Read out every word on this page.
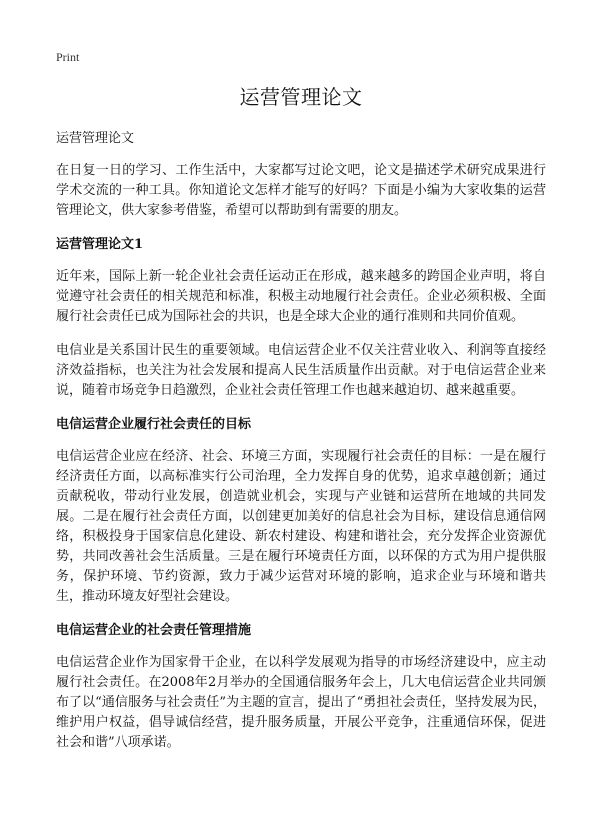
Print
运营管理论文

运营管理论文

在日复一日的学习、工作生活中，大家都写过论文吧，论文是描述学术研究成果进行学术交流的一种工具。你知道论文怎样才能写的好吗？下面是小编为大家收集的运营管理论文，供大家参考借鉴，希望可以帮助到有需要的朋友。

运营管理论文1

近年来，国际上新一轮企业社会责任运动正在形成，越来越多的跨国企业声明，将自觉遵守社会责任的相关规范和标准，积极主动地履行社会责任。企业必须积极、全面履行社会责任已成为国际社会的共识，也是全球大企业的通行准则和共同价值观。

电信业是关系国计民生的重要领域。电信运营企业不仅关注营业收入、利润等直接经济效益指标，也关注为社会发展和提高人民生活质量作出贡献。对于电信运营企业来说，随着市场竞争日趋激烈，企业社会责任管理工作也越来越迫切、越来越重要。

电信运营企业履行社会责任的目标

电信运营企业应在经济、社会、环境三方面，实现履行社会责任的目标：一是在履行经济责任方面，以高标准实行公司治理，全力发挥自身的优势，追求卓越创新；通过贡献税收，带动行业发展，创造就业机会，实现与产业链和运营所在地域的共同发展。二是在履行社会责任方面，以创建更加美好的信息社会为目标，建设信息通信网络，积极投身于国家信息化建设、新农村建设、构建和谐社会，充分发挥企业资源优势，共同改善社会生活质量。三是在履行环境责任方面，以环保的方式为用户提供服务，保护环境、节约资源，致力于减少运营对环境的影响，追求企业与环境和谐共生，推动环境友好型社会建设。

电信运营企业的社会责任管理措施

电信运营企业作为国家骨干企业，在以科学发展观为指导的市场经济建设中，应主动履行社会责任。在2008年2月举办的全国通信服务年会上，几大电信运营企业共同颁布了以“通信服务与社会责任”为主题的宣言，提出了“勇担社会责任，坚持发展为民，维护用户权益，倡导诚信经营，提升服务质量，开展公平竞争，注重通信环保，促进社会和谐”八项承诺。
